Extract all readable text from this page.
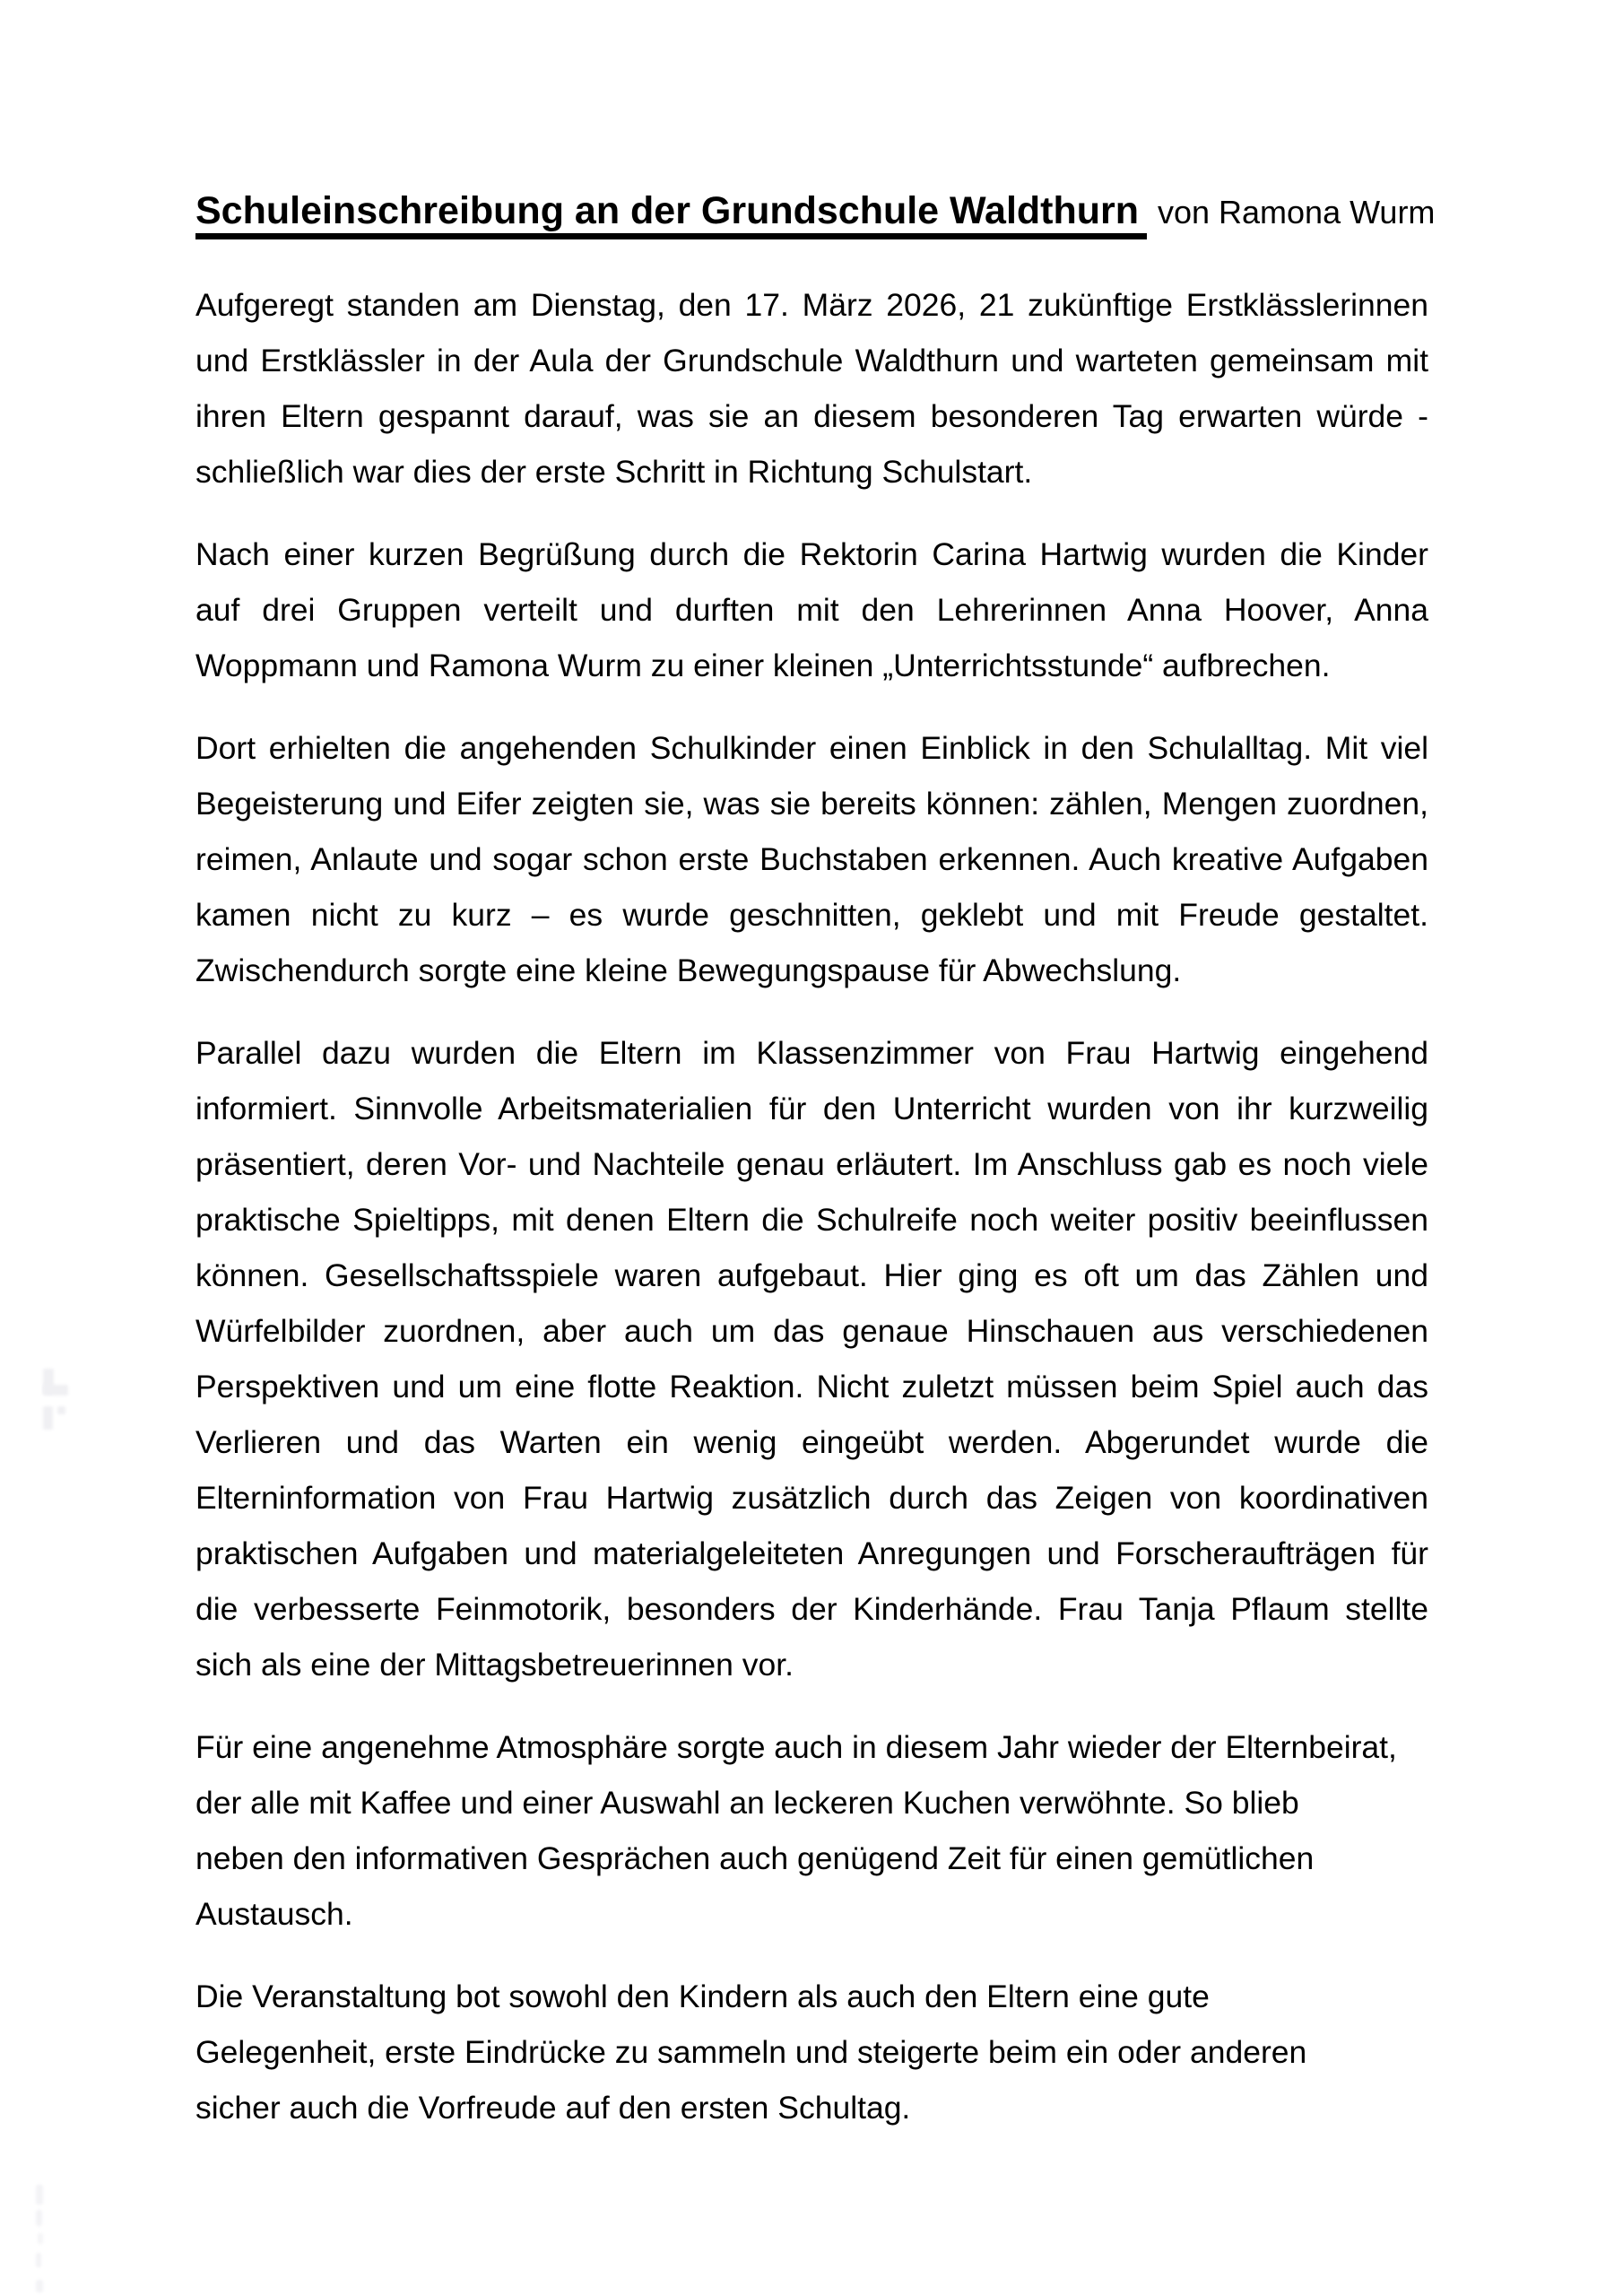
Schuleinschreibung an der Grundschule Waldthurn von Ramona Wurm

Aufgeregt standen am Dienstag, den 17. März 2026, 21 zukünftige Erstklässlerinnen
und Erstklässler in der Aula der Grundschule Waldthurn und warteten gemeinsam mit
ihren Eltern gespannt darauf, was sie an diesem besonderen Tag erwarten würde -
schließlich war dies der erste Schritt in Richtung Schulstart.

Nach einer kurzen Begrüßung durch die Rektorin Carina Hartwig wurden die Kinder
auf drei Gruppen verteilt und durften mit den Lehrerinnen Anna Hoover, Anna
Woppmann und Ramona Wurm zu einer kleinen „Unterrichtsstunde“ aufbrechen.

Dort erhielten die angehenden Schulkinder einen Einblick in den Schulalltag. Mit viel
Begeisterung und Eifer zeigten sie, was sie bereits können: zählen, Mengen zuordnen,
reimen, Anlaute und sogar schon erste Buchstaben erkennen. Auch kreative Aufgaben
kamen nicht zu kurz – es wurde geschnitten, geklebt und mit Freude gestaltet.
Zwischendurch sorgte eine kleine Bewegungspause für Abwechslung.

Parallel dazu wurden die Eltern im Klassenzimmer von Frau Hartwig eingehend
informiert. Sinnvolle Arbeitsmaterialien für den Unterricht wurden von ihr kurzweilig
präsentiert, deren Vor- und Nachteile genau erläutert. Im Anschluss gab es noch viele
praktische Spieltipps, mit denen Eltern die Schulreife noch weiter positiv beeinflussen
können. Gesellschaftsspiele waren aufgebaut. Hier ging es oft um das Zählen und
Würfelbilder zuordnen, aber auch um das genaue Hinschauen aus verschiedenen
Perspektiven und um eine flotte Reaktion. Nicht zuletzt müssen beim Spiel auch das
Verlieren und das Warten ein wenig eingeübt werden. Abgerundet wurde die
Elterninformation von Frau Hartwig zusätzlich durch das Zeigen von koordinativen
praktischen Aufgaben und materialgeleiteten Anregungen und Forscheraufträgen für
die verbesserte Feinmotorik, besonders der Kinderhände. Frau Tanja Pflaum stellte
sich als eine der Mittagsbetreuerinnen vor.

Für eine angenehme Atmosphäre sorgte auch in diesem Jahr wieder der Elternbeirat,
der alle mit Kaffee und einer Auswahl an leckeren Kuchen verwöhnte. So blieb
neben den informativen Gesprächen auch genügend Zeit für einen gemütlichen
Austausch.

Die Veranstaltung bot sowohl den Kindern als auch den Eltern eine gute
Gelegenheit, erste Eindrücke zu sammeln und steigerte beim ein oder anderen
sicher auch die Vorfreude auf den ersten Schultag.
